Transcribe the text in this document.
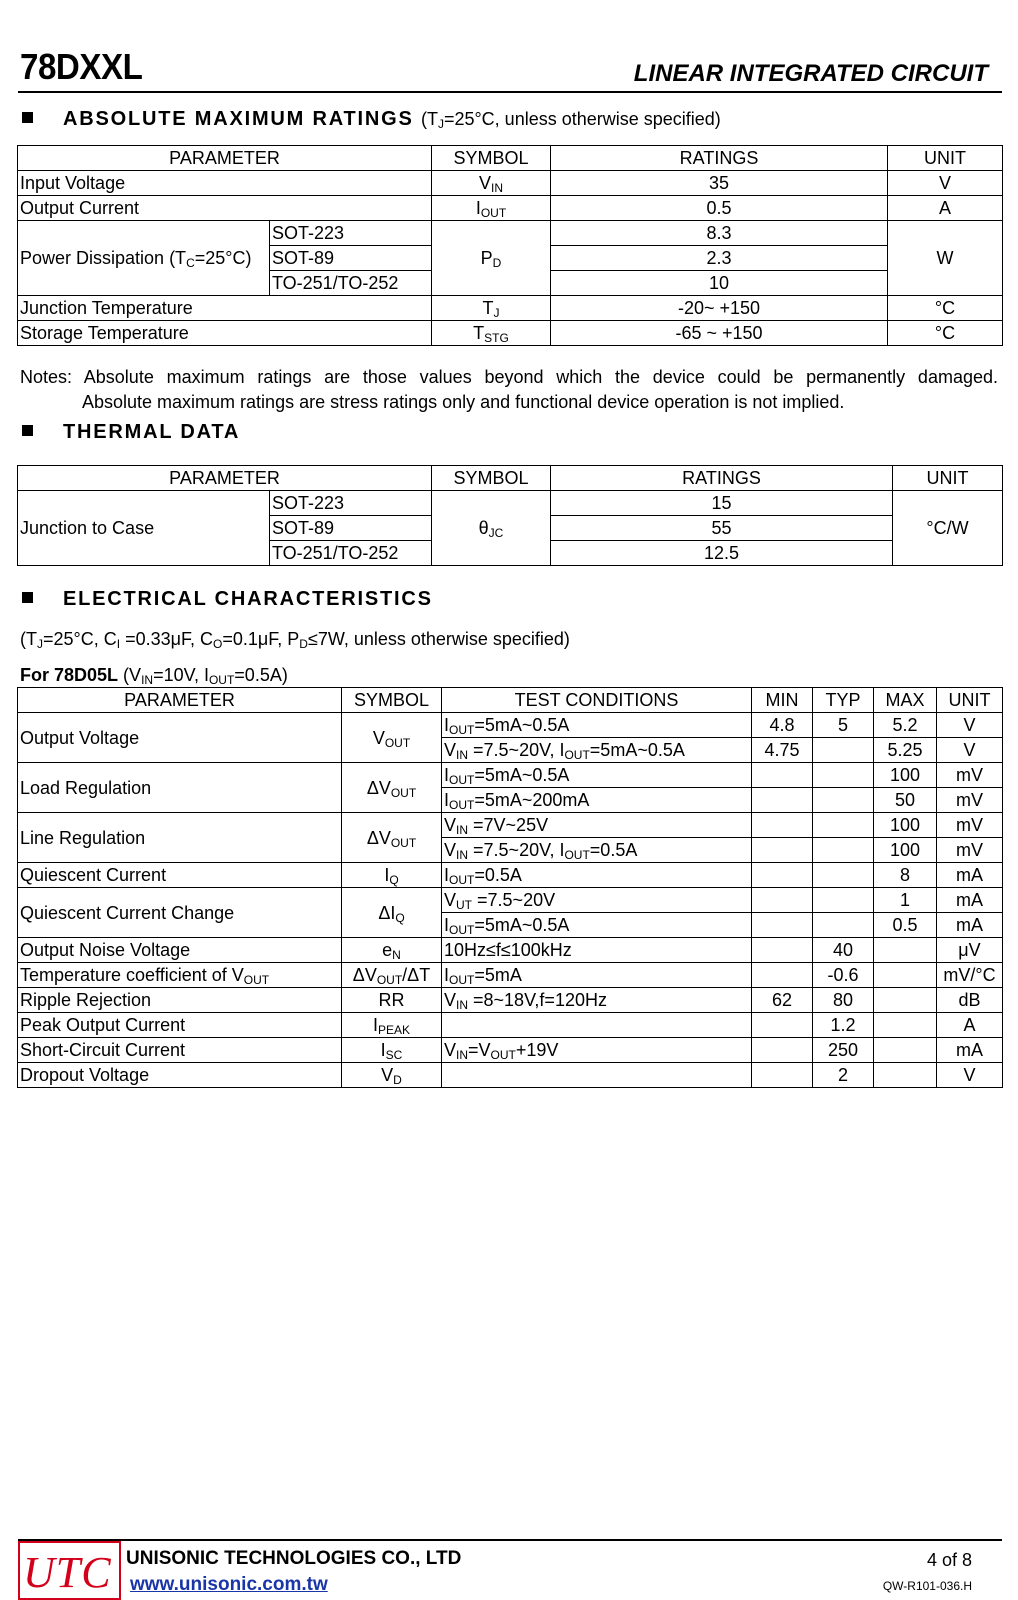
78DXXL	LINEAR INTEGRATED CIRCUIT
ABSOLUTE MAXIMUM RATINGS ($T_J=25^\circ C$, unless otherwise specified)
PARAMETER		SYMBOL	RATINGS	UNIT
Input Voltage		$V_{IN}$	35	V
Output Current		$I_{OUT}$	0.5	A
Power Dissipation $(T_C=25^\circ C)$	SOT-223	$P_D$	8.3	W
	SOT-89		2.3	
	TO-251/TO-252		10	
Junction Temperature		$T_J$	-20~ +150	°C
Storage Temperature		$T_{STG}$	-65 ~ +150	°C
Notes: Absolute maximum ratings are those values beyond which the device could be permanently damaged.
Absolute maximum ratings are stress ratings only and functional device operation is not implied.
THERMAL DATA
PARAMETER		SYMBOL	RATINGS	UNIT
Junction to Case	SOT-223	$\theta_{JC}$	15	°C/W
	SOT-89		55	
	TO-251/TO-252		12.5	
ELECTRICAL CHARACTERISTICS
($T_J=25^\circ C$, $C_I =0.33\mu F$, $C_O=0.1\mu F$, $P_D\le 7W$, unless otherwise specified)
For 78D05L ($V_{IN}=10V$, $I_{OUT}=0.5A$)
PARAMETER	SYMBOL	TEST CONDITIONS	MIN	TYP	MAX	UNIT
Output Voltage	$V_{OUT}$	$I_{OUT}=5mA\sim 0.5A$	4.8	5	5.2	V
		$V_{IN}$ =7.5~20V, $I_{OUT}=5mA\sim 0.5A$	4.75		5.25	V
Load Regulation	$\Delta V_{OUT}$	$I_{OUT}=5mA\sim 0.5A$			100	mV
		$I_{OUT}=5mA\sim 200mA$			50	mV
Line Regulation	$\Delta V_{OUT}$	$V_{IN}$ =7V~25V			100	mV
		$V_{IN}$ =7.5~20V, $I_{OUT}=0.5A$			100	mV
Quiescent Current	$I_Q$	$I_{OUT}=0.5A$			8	mA
Quiescent Current Change	$\Delta I_Q$	$V_{UT}$ =7.5~20V			1	mA
		$I_{OUT}=5mA\sim 0.5A$			0.5	mA
Output Noise Voltage	$e_N$	10Hz≤f≤100kHz		40		μV
Temperature coefficient of $V_{OUT}$	$\Delta V_{OUT}/\Delta T$	$I_{OUT}=5mA$		-0.6		mV/°C
Ripple Rejection	RR	$V_{IN}$ =8~18V,f=120Hz	62	80		dB
Peak Output Current	$I_{PEAK}$			1.2		A
Short-Circuit Current	$I_{SC}$	$V_{IN}=V_{OUT}+19V$		250		mA
Dropout Voltage	$V_D$			2		V
UTC UNISONIC TECHNOLOGIES CO., LTD
www.unisonic.com.tw
4 of 8
QW-R101-036.H
